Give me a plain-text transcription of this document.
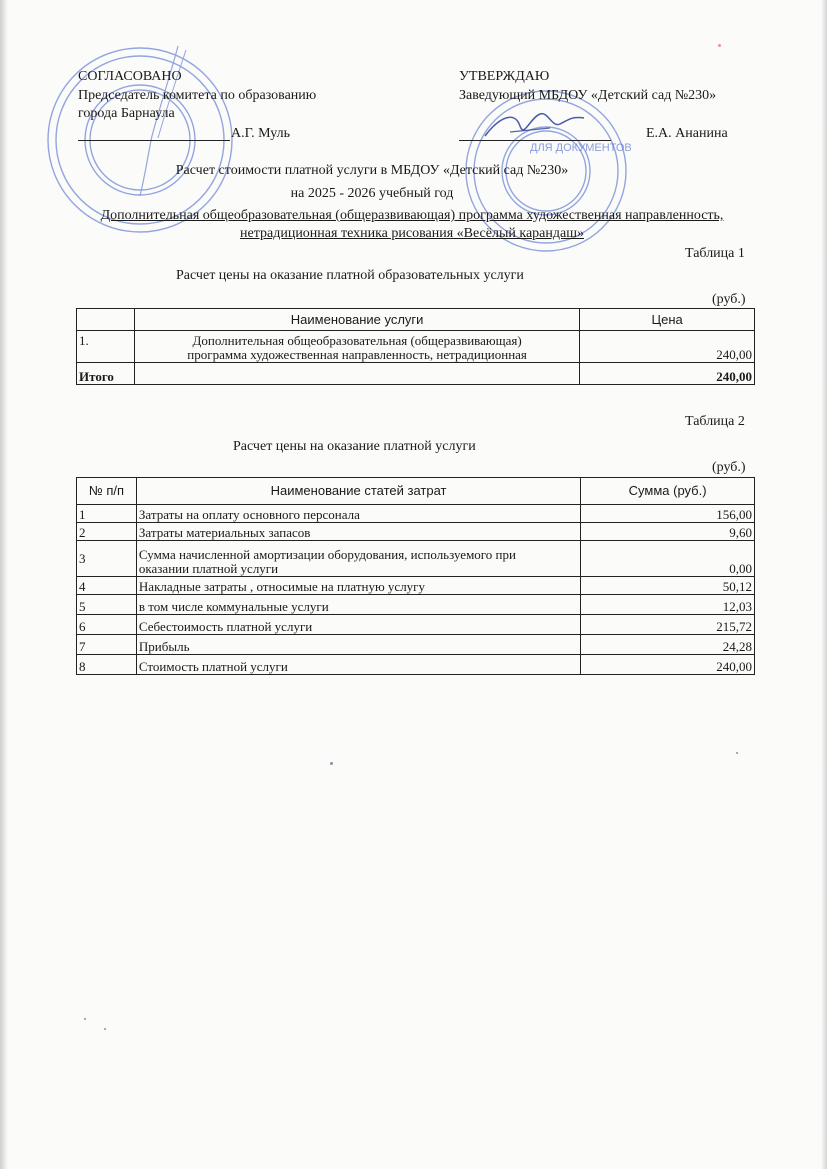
ДЛЯ ДОКУМЕНТОВ
СОГЛАСОВАНО
Председатель комитета по образованию
города Барнаула
А.Г. Муль
УТВЕРЖДАЮ
Заведующий МБДОУ «Детский сад №230»
Е.А. Ананина
Расчет стоимости платной услуги в МБДОУ «Детский сад №230»
на 2025 - 2026 учебный год
Дополнительная общеобразовательная (общеразвивающая) программа художественная направленность,
нетрадиционная техника рисования «Весёлый карандаш»
Таблица 1
Расчет цены на оказание платной образовательных услуги
(руб.)
	Наименование услуги	Цена
1.	Дополнительная общеобразовательная (общеразвивающая)
программа художественная направленность, нетрадиционная	240,00
Итого		240,00
Таблица 2
Расчет цены на оказание платной услуги
(руб.)
№ п/п	Наименование статей затрат	Сумма (руб.)
1	Затраты на оплату основного персонала	156,00
2	Затраты материальных запасов	9,60
3	Сумма начисленной амортизации оборудования, используемого при
оказании платной услуги	0,00
4	Накладные затраты , относимые на платную услугу	50,12
5	в том числе коммунальные услуги	12,03
6	Себестоимость платной услуги	215,72
7	Прибыль	24,28
8	Стоимость платной услуги	240,00
